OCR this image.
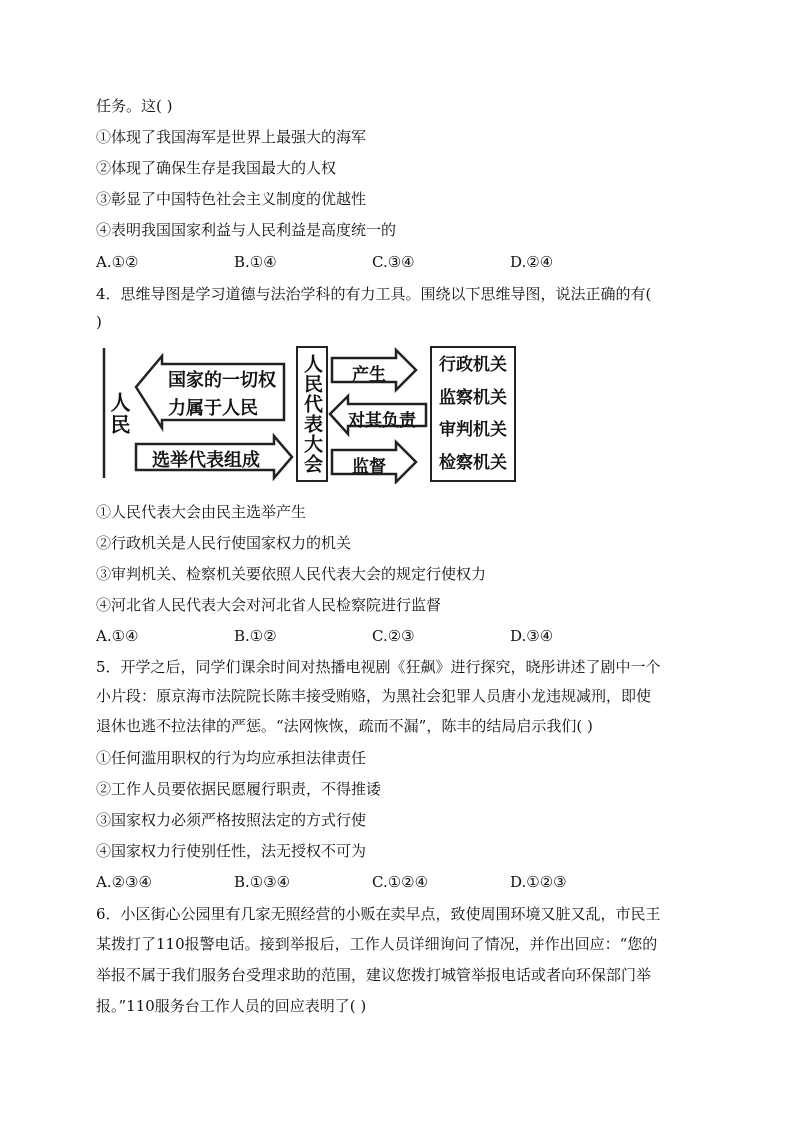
任务。这( )
①体现了我国海军是世界上最强大的海军
②体现了确保生存是我国最大的人权
③彰显了中国特色社会主义制度的优越性
④表明我国国家利益与人民利益是高度统一的
A.①②	B.①④	C.③④	D.②④
4．思维导图是学习道德与法治学科的有力工具。围绕以下思维导图，说法正确的有(
)
人民
国家的一切权
力属于人民
选举代表组成 人民代表大会 产生
对其负责
监督
行政机关
监察机关
审判机关
检察机关
①人民代表大会由民主选举产生
②行政机关是人民行使国家权力的机关
③审判机关、检察机关要依照人民代表大会的规定行使权力
④河北省人民代表大会对河北省人民检察院进行监督
A.①④	B.①②	C.②③	D.③④
5．开学之后，同学们课余时间对热播电视剧《狂飙》进行探究，晓彤讲述了剧中一个
小片段：原京海市法院院长陈丰接受贿赂，为黑社会犯罪人员唐小龙违规减刑，即使
退休也逃不拉法律的严惩。“法网恢恢，疏而不漏”，陈丰的结局启示我们( )
①任何滥用职权的行为均应承担法律责任
②工作人员要依据民愿履行职责，不得推诿
③国家权力必须严格按照法定的方式行使
④国家权力行使别任性，法无授权不可为
A.②③④	B.①③④	C.①②④	D.①②③
6．小区街心公园里有几家无照经营的小贩在卖早点，致使周围环境又脏又乱，市民王
某拨打了110报警电话。接到举报后，工作人员详细询问了情况，并作出回应：“您的
举报不属于我们服务台受理求助的范围，建议您拨打城管举报电话或者向环保部门举
报。”110服务台工作人员的回应表明了( )
